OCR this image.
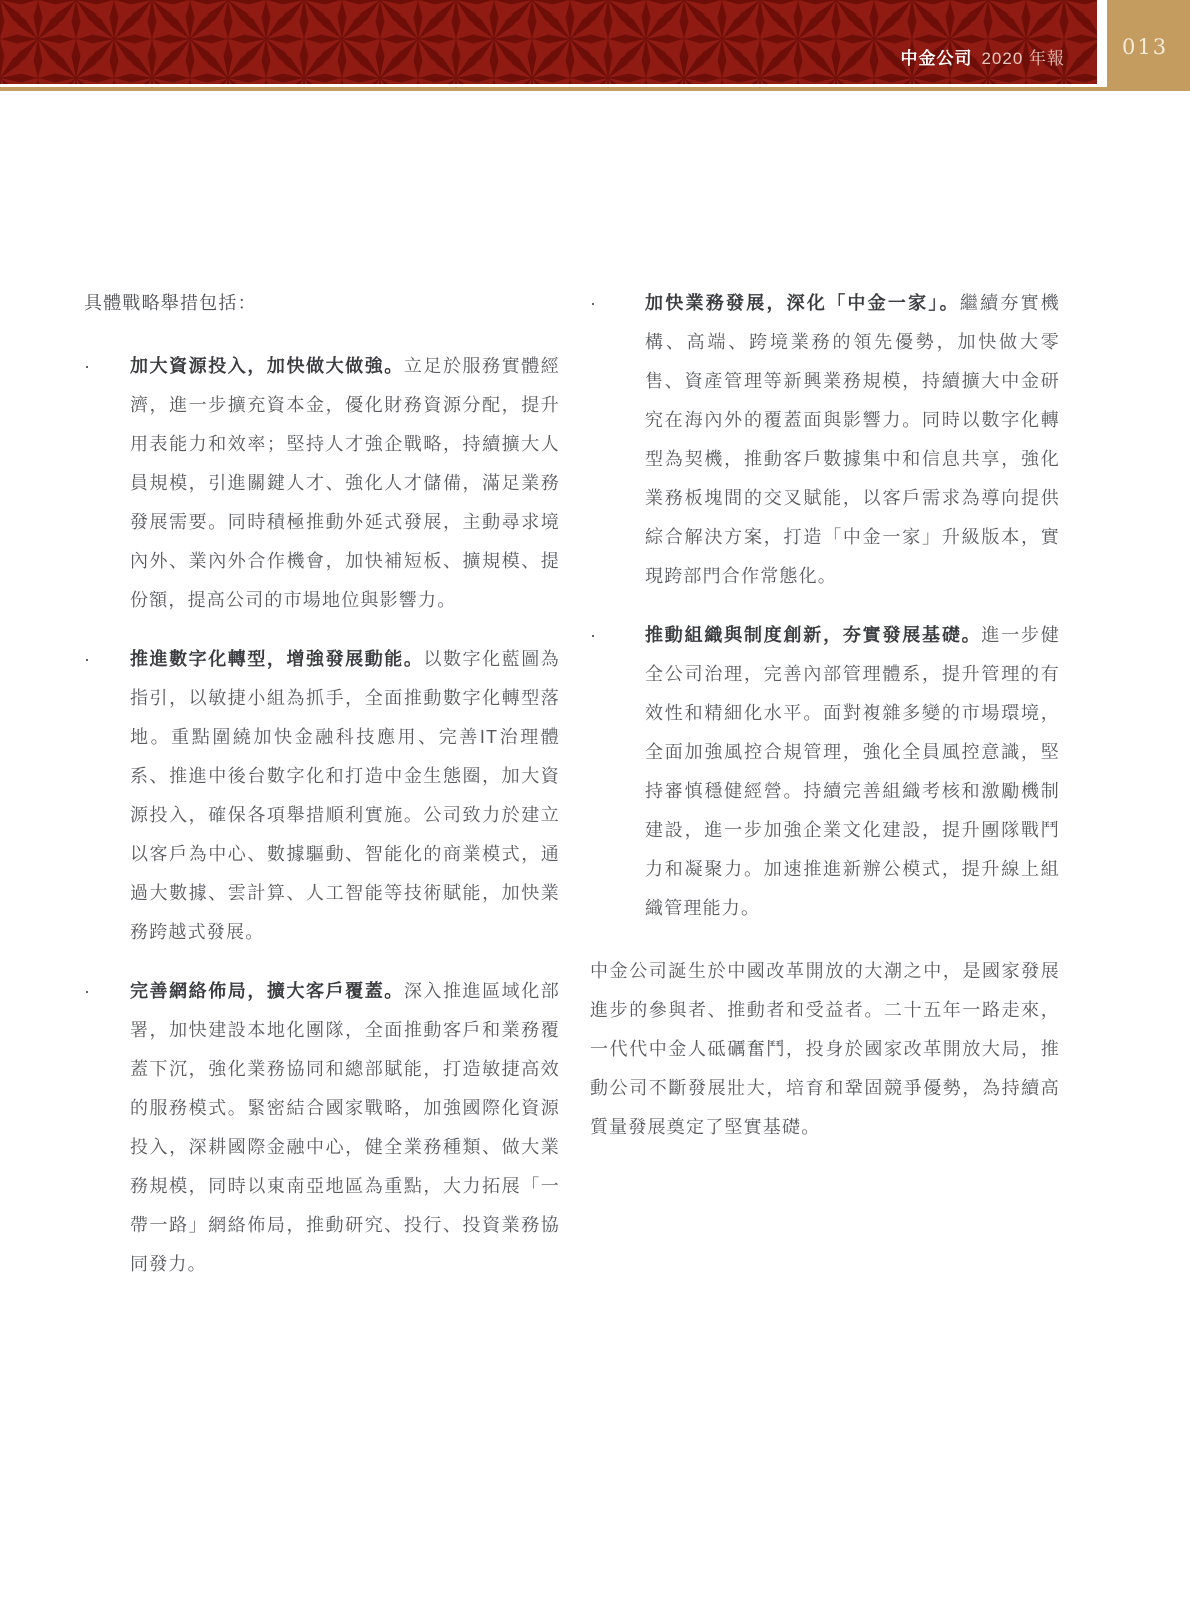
中金公司 2020 年報	013

具體戰略舉措包括：

·	加大資源投入，加快做大做強。立足於服務實體經濟，進一步擴充資本金，優化財務資源分配，提升用表能力和效率；堅持人才強企戰略，持續擴大人員規模，引進關鍵人才、強化人才儲備，滿足業務發展需要。同時積極推動外延式發展，主動尋求境內外、業內外合作機會，加快補短板、擴規模、提份額，提高公司的市場地位與影響力。

·	推進數字化轉型，增強發展動能。以數字化藍圖為指引，以敏捷小組為抓手，全面推動數字化轉型落地。重點圍繞加快金融科技應用、完善IT治理體系、推進中後台數字化和打造中金生態圈，加大資源投入，確保各項舉措順利實施。公司致力於建立以客戶為中心、數據驅動、智能化的商業模式，通過大數據、雲計算、人工智能等技術賦能，加快業務跨越式發展。

·	完善網絡佈局，擴大客戶覆蓋。深入推進區域化部署，加快建設本地化團隊，全面推動客戶和業務覆蓋下沉，強化業務協同和總部賦能，打造敏捷高效的服務模式。緊密結合國家戰略，加強國際化資源投入，深耕國際金融中心，健全業務種類、做大業務規模，同時以東南亞地區為重點，大力拓展「一帶一路」網絡佈局，推動研究、投行、投資業務協同發力。

·	加快業務發展，深化「中金一家」。繼續夯實機構、高端、跨境業務的領先優勢，加快做大零售、資產管理等新興業務規模，持續擴大中金研究在海內外的覆蓋面與影響力。同時以數字化轉型為契機，推動客戶數據集中和信息共享，強化業務板塊間的交叉賦能，以客戶需求為導向提供綜合解決方案，打造「中金一家」升級版本，實現跨部門合作常態化。

·	推動組織與制度創新，夯實發展基礎。進一步健全公司治理，完善內部管理體系，提升管理的有效性和精細化水平。面對複雜多變的市場環境，全面加強風控合規管理，強化全員風控意識，堅持審慎穩健經營。持續完善組織考核和激勵機制建設，進一步加強企業文化建設，提升團隊戰鬥力和凝聚力。加速推進新辦公模式，提升線上組織管理能力。

中金公司誕生於中國改革開放的大潮之中，是國家發展進步的參與者、推動者和受益者。二十五年一路走來，一代代中金人砥礪奮鬥，投身於國家改革開放大局，推動公司不斷發展壯大，培育和鞏固競爭優勢，為持續高質量發展奠定了堅實基礎。
